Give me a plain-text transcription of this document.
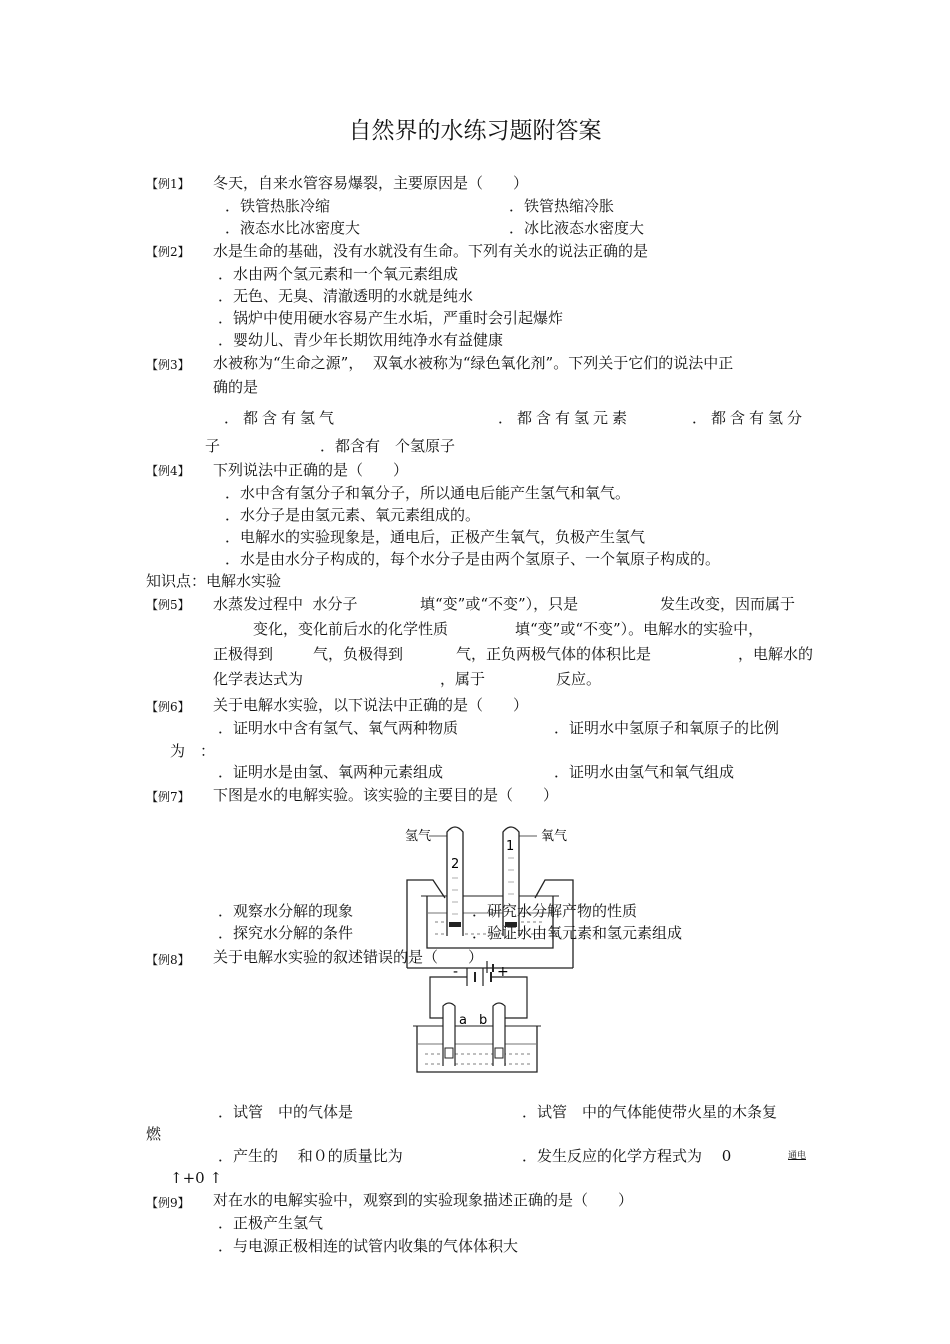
自然界的水练习题附答案
【例1】 冬天，自来水管容易爆裂，主要原因是（　　）
．铁管热胀冷缩	．铁管热缩冷胀
．液态水比冰密度大	．冰比液态水密度大
【例2】 水是生命的基础，没有水就没有生命。下列有关水的说法正确的是
．水由两个氢元素和一个氧元素组成
．无色、无臭、清澈透明的水就是纯水
．锅炉中使用硬水容易产生水垢，严重时会引起爆炸
．婴幼儿、青少年长期饮用纯净水有益健康
【例3】 水被称为“生命之源”，  双氧水被称为“绿色氧化剂”。下列关于它们的说法中正
确的是
．都含有氢气	．都含有氢元素	．都含有氢分
子	．都含有　个氢原子
【例4】 下列说法中正确的是（　　）
．水中含有氢分子和氧分子，所以通电后能产生氢气和氧气。
．水分子是由氢元素、氧元素组成的。
．电解水的实验现象是，通电后，正极产生氧气，负极产生氢气
．水是由水分子构成的，每个水分子是由两个氢原子、一个氧原子构成的。
知识点：电解水实验
【例5】 水蒸发过程中  水分子	填“变”或“不变”），只是	发生改变，因而属于
变化，变化前后水的化学性质	填“变”或“不变”）。电解水的实验中，
正极得到	气，负极得到	气，正负两极气体的体积比是	，电解水的
化学表达式为	，属于	反应。
【例6】 关于电解水实验，以下说法中正确的是（　　）
．证明水中含有氢气、氧气两种物质	．证明水中氢原子和氧原子的比例
为　：
．证明水是由氢、氧两种元素组成	．证明水由氢气和氧气组成
【例7】 下图是水的电解实验。该实验的主要目的是（　　）
氢气	氧气
2
1
．观察水分解的现象	．研究水分解产物的性质
．探究水分解的条件	．验证水由氧元素和氢元素组成
【例8】 关于电解水实验的叙述错误的是（　　）
-	+
a b
．试管　中的气体是	．试管　中的气体能使带火星的木条复
燃
．产生的　 和０的质量比为	．发生反应的化学方程式为　 0	通电
↑+0 ↑
【例9】 对在水的电解实验中，观察到的实验现象描述正确的是（　　）
．正极产生氢气
．与电源正极相连的试管内收集的气体体积大
